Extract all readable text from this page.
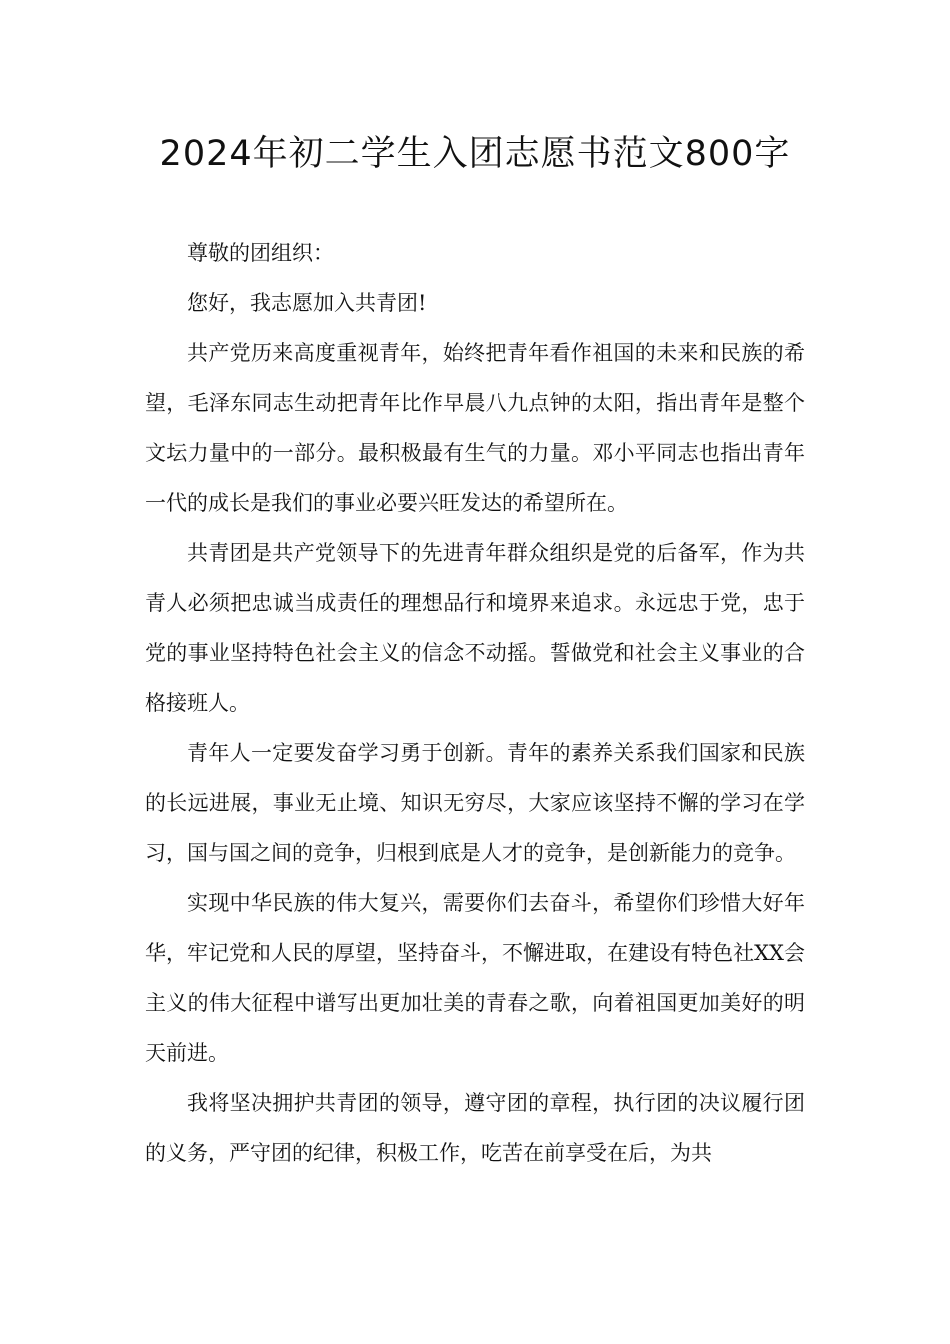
2024年初二学生入团志愿书范文800字

尊敬的团组织：

您好，我志愿加入共青团!

共产党历来高度重视青年，始终把青年看作祖国的未来和民族的希望，毛泽东同志生动把青年比作早晨八九点钟的太阳，指出青年是整个文坛力量中的一部分。最积极最有生气的力量。邓小平同志也指出青年一代的成长是我们的事业必要兴旺发达的希望所在。

共青团是共产党领导下的先进青年群众组织是党的后备军，作为共青人必须把忠诚当成责任的理想品行和境界来追求。永远忠于党，忠于党的事业坚持特色社会主义的信念不动摇。誓做党和社会主义事业的合格接班人。

青年人一定要发奋学习勇于创新。青年的素养关系我们国家和民族的长远进展，事业无止境、知识无穷尽，大家应该坚持不懈的学习在学习，国与国之间的竞争，归根到底是人才的竞争，是创新能力的竞争。

实现中华民族的伟大复兴，需要你们去奋斗，希望你们珍惜大好年华，牢记党和人民的厚望，坚持奋斗，不懈进取，在建设有特色社XX会主义的伟大征程中谱写出更加壮美的青春之歌，向着祖国更加美好的明天前进。

我将坚决拥护共青团的领导，遵守团的章程，执行团的决议履行团的义务，严守团的纪律，积极工作，吃苦在前享受在后，为共
